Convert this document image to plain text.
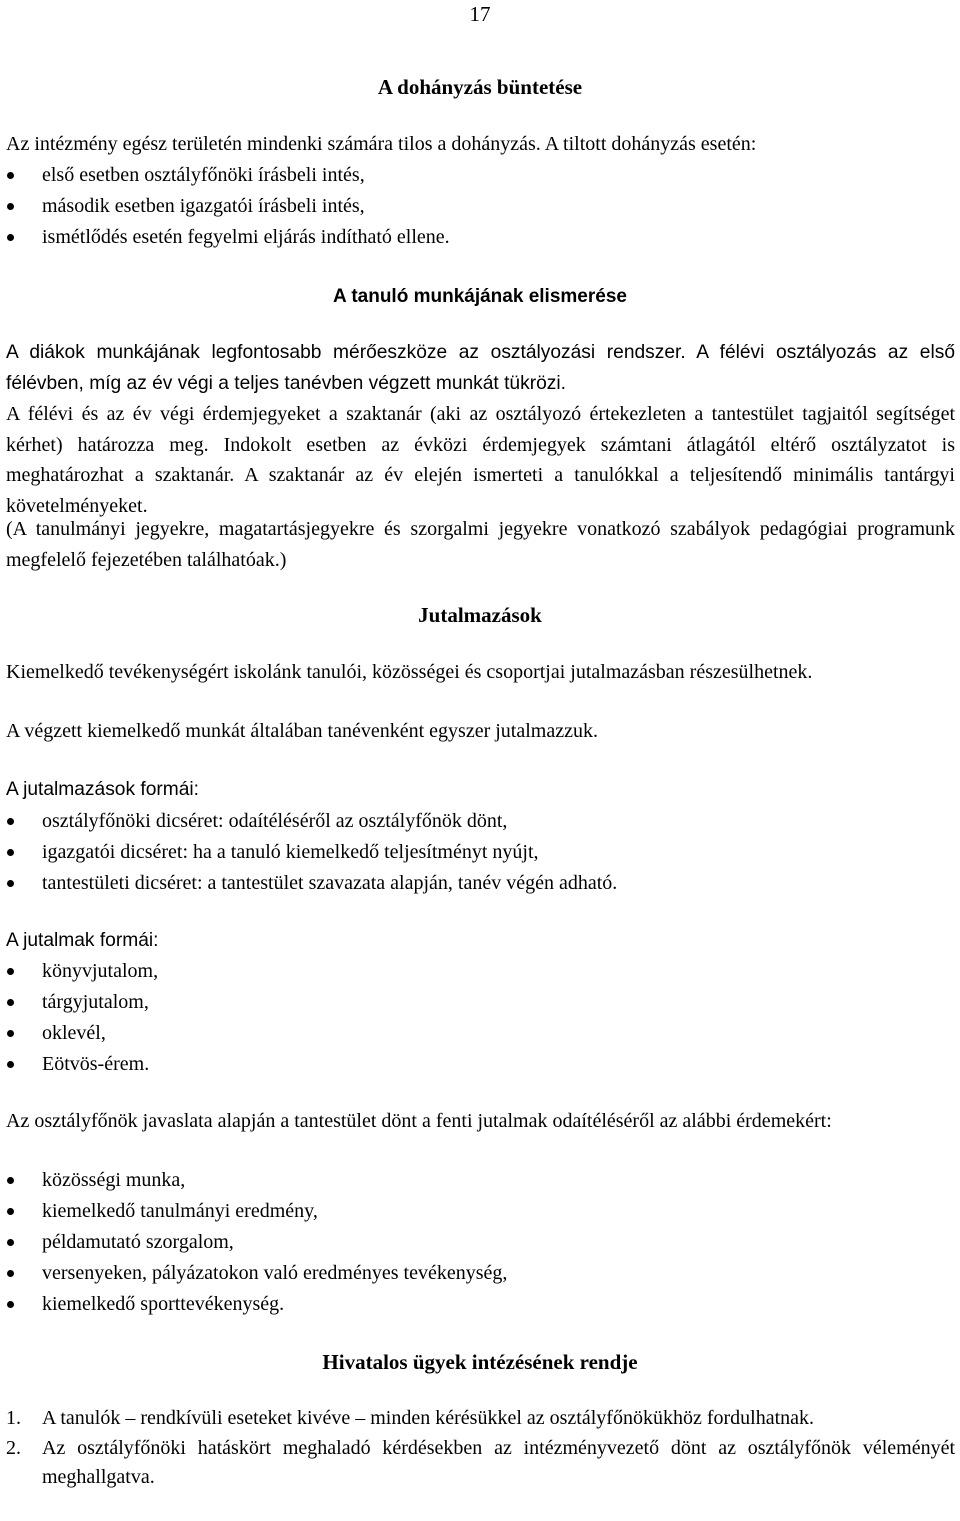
17
A dohányzás büntetése

Az intézmény egész területén mindenki számára tilos a dohányzás. A tiltott dohányzás esetén:

első esetben osztályfőnöki írásbeli intés,
második esetben igazgatói írásbeli intés,
ismétlődés esetén fegyelmi eljárás indítható ellene.
A tanuló munkájának elismerése

A diákok munkájának legfontosabb mérőeszköze az osztályozási rendszer. A félévi osztályozás az első félévben, míg az év végi a teljes tanévben végzett munkát tükrözi.

A félévi és az év végi érdemjegyeket a szaktanár (aki az osztályozó értekezleten a tantestület tagjaitól segítséget kérhet) határozza meg. Indokolt esetben az évközi érdemjegyek számtani átlagától eltérő osztályzatot is meghatározhat a szaktanár. A szaktanár az év elején ismerteti a tanulókkal a teljesítendő minimális tantárgyi követelményeket.

(A tanulmányi jegyekre, magatartásjegyekre és szorgalmi jegyekre vonatkozó szabályok pedagógiai programunk megfelelő fejezetében találhatóak.)

Jutalmazások

Kiemelkedő tevékenységért iskolánk tanulói, közösségei és csoportjai jutalmazásban részesülhetnek.

A végzett kiemelkedő munkát általában tanévenként egyszer jutalmazzuk.

A jutalmazások formái:

osztályfőnöki dicséret: odaítéléséről az osztályfőnök dönt,
igazgatói dicséret: ha a tanuló kiemelkedő teljesítményt nyújt,
tantestületi dicséret: a tantestület szavazata alapján, tanév végén adható.

A jutalmak formái:

könyvjutalom,
tárgyjutalom,
oklevél,
Eötvös-érem.

Az osztályfőnök javaslata alapján a tantestület dönt a fenti jutalmak odaítéléséről az alábbi érdemekért:

közösségi munka,
kiemelkedő tanulmányi eredmény,
példamutató szorgalom,
versenyeken, pályázatokon való eredményes tevékenység,
kiemelkedő sporttevékenység.
Hivatalos ügyek intézésének rendje
1. A tanulók – rendkívüli eseteket kivéve – minden kérésükkel az osztályfőnökükhöz fordulhatnak.
2. Az osztályfőnöki hatáskört meghaladó kérdésekben az intézményvezető dönt az osztályfőnök véleményét meghallgatva.
